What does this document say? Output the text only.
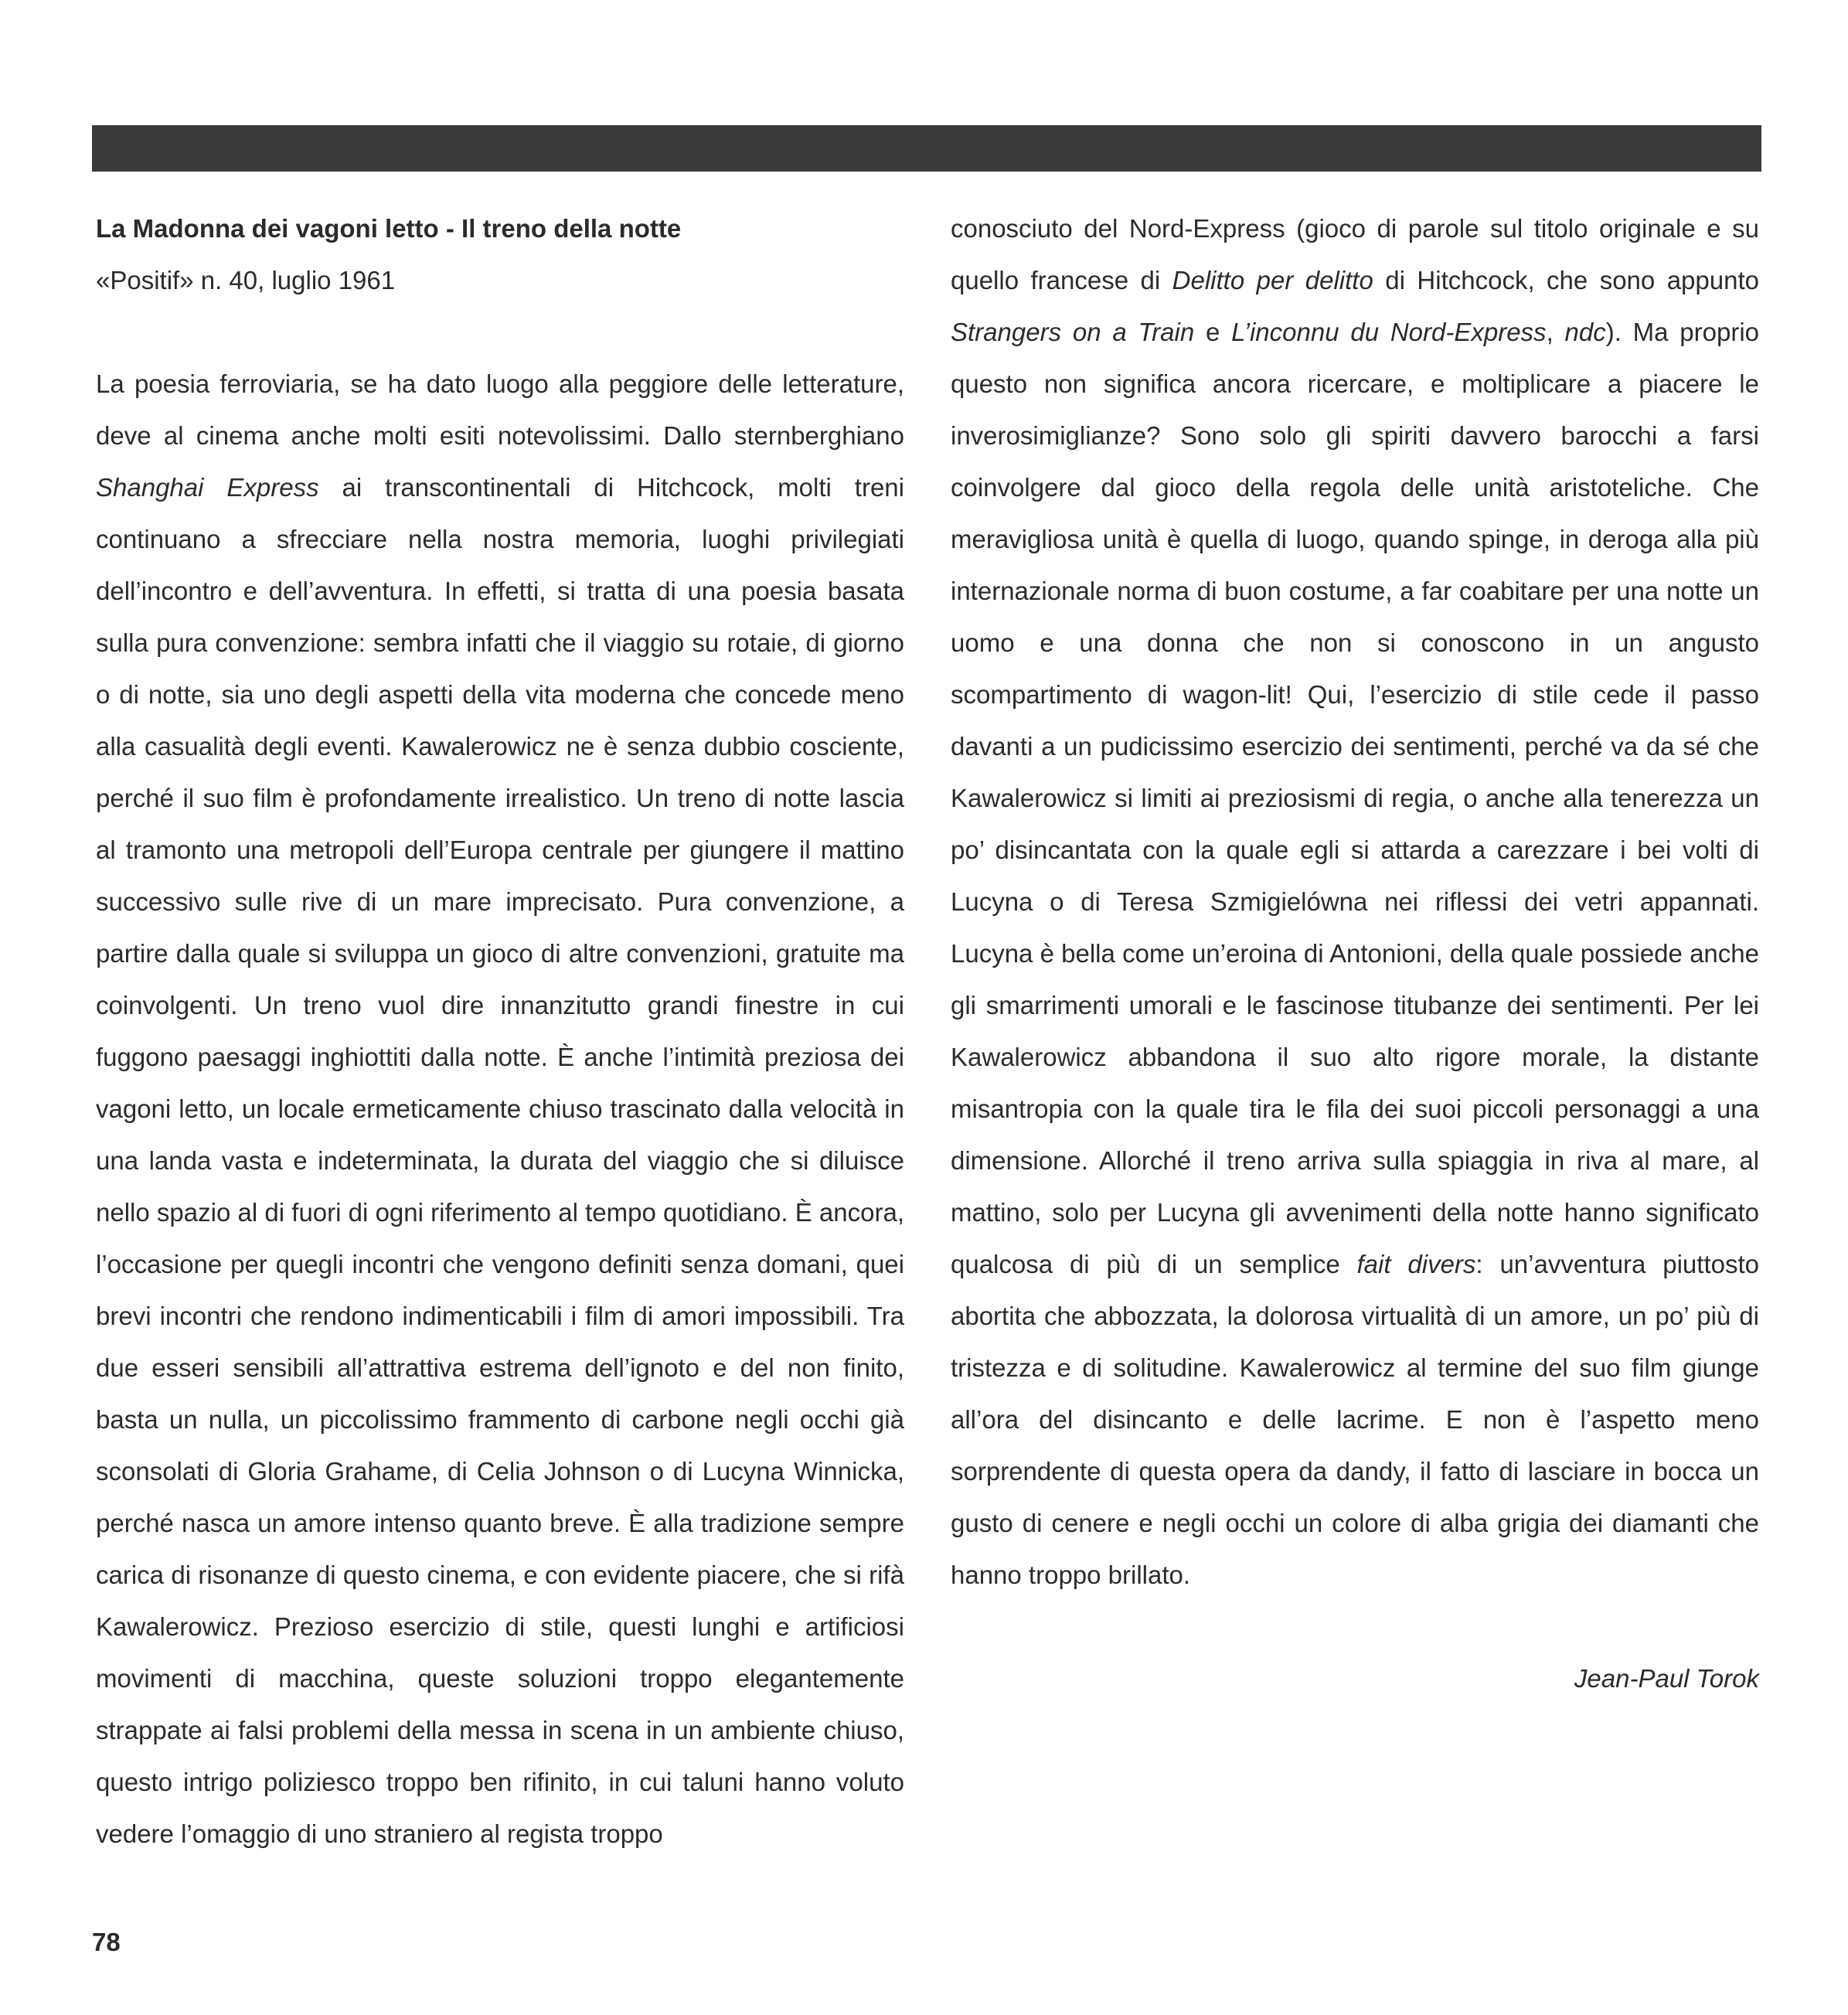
La Madonna dei vagoni letto - Il treno della notte

«Positif» n. 40, luglio 1961

La poesia ferroviaria, se ha dato luogo alla peggiore delle letterature, deve al cinema anche molti esiti notevolissimi. Dallo sternberghiano Shanghai Express ai transcontinentali di Hitchcock, molti treni continuano a sfrecciare nella nostra memoria, luoghi privilegiati dell’incontro e dell’avventura. In effetti, si tratta di una poesia basata sulla pura convenzione: sembra infatti che il viaggio su rotaie, di giorno o di notte, sia uno degli aspetti della vita moderna che concede meno alla casualità degli eventi. Kawalerowicz ne è senza dubbio cosciente, perché il suo film è profondamente irrealistico. Un treno di notte lascia al tramonto una metropoli dell’Europa centrale per giungere il mattino successivo sulle rive di un mare imprecisato. Pura convenzione, a partire dalla quale si sviluppa un gioco di altre convenzioni, gratuite ma coinvolgenti. Un treno vuol dire innanzitutto grandi finestre in cui fuggono paesaggi inghiottiti dalla notte. È anche l’intimità preziosa dei vagoni letto, un locale ermeticamente chiuso trascinato dalla velocità in una landa vasta e indeterminata, la durata del viaggio che si diluisce nello spazio al di fuori di ogni riferimento al tempo quotidiano. È ancora, l’occasione per quegli incontri che vengono definiti senza domani, quei brevi incontri che rendono indimenticabili i film di amori impossibili. Tra due esseri sensibili all’attrattiva estrema dell’ignoto e del non finito, basta un nulla, un piccolissimo frammento di carbone negli occhi già sconsolati di Gloria Grahame, di Celia Johnson o di Lucyna Winnicka, perché nasca un amore intenso quanto breve. È alla tradizione sempre carica di risonanze di questo cinema, e con evidente piacere, che si rifà Kawalerowicz. Prezioso esercizio di stile, questi lunghi e artificiosi movimenti di macchina, queste soluzioni troppo elegantemente strappate ai falsi problemi della messa in scena in un ambiente chiuso, questo intrigo poliziesco troppo ben rifinito, in cui taluni hanno voluto vedere l’omaggio di uno straniero al regista troppo

conosciuto del Nord-Express (gioco di parole sul titolo originale e su quello francese di Delitto per delitto di Hitchcock, che sono appunto Strangers on a Train e L’inconnu du Nord-Express, ndc). Ma proprio questo non significa ancora ricercare, e moltiplicare a piacere le inverosimiglianze? Sono solo gli spiriti davvero barocchi a farsi coinvolgere dal gioco della regola delle unità aristoteliche. Che meravigliosa unità è quella di luogo, quando spinge, in deroga alla più internazionale norma di buon costume, a far coabitare per una notte un uomo e una donna che non si conoscono in un angusto scompartimento di wagon-lit! Qui, l’esercizio di stile cede il passo davanti a un pudicissimo esercizio dei sentimenti, perché va da sé che Kawalerowicz si limiti ai preziosismi di regia, o anche alla tenerezza un po’ disincantata con la quale egli si attarda a carezzare i bei volti di Lucyna o di Teresa Szmigielówna nei riflessi dei vetri appannati. Lucyna è bella come un’eroina di Antonioni, della quale possiede anche gli smarrimenti umorali e le fascinose titubanze dei sentimenti. Per lei Kawalerowicz abbandona il suo alto rigore morale, la distante misantropia con la quale tira le fila dei suoi piccoli personaggi a una dimensione. Allorché il treno arriva sulla spiaggia in riva al mare, al mattino, solo per Lucyna gli avvenimenti della notte hanno significato qualcosa di più di un semplice fait divers: un’avventura piuttosto abortita che abbozzata, la dolorosa virtualità di un amore, un po’ più di tristezza e di solitudine. Kawalerowicz al termine del suo film giunge all’ora del disincanto e delle lacrime. E non è l’aspetto meno sorprendente di questa opera da dandy, il fatto di lasciare in bocca un gusto di cenere e negli occhi un colore di alba grigia dei diamanti che hanno troppo brillato.

Jean-Paul Torok

78
